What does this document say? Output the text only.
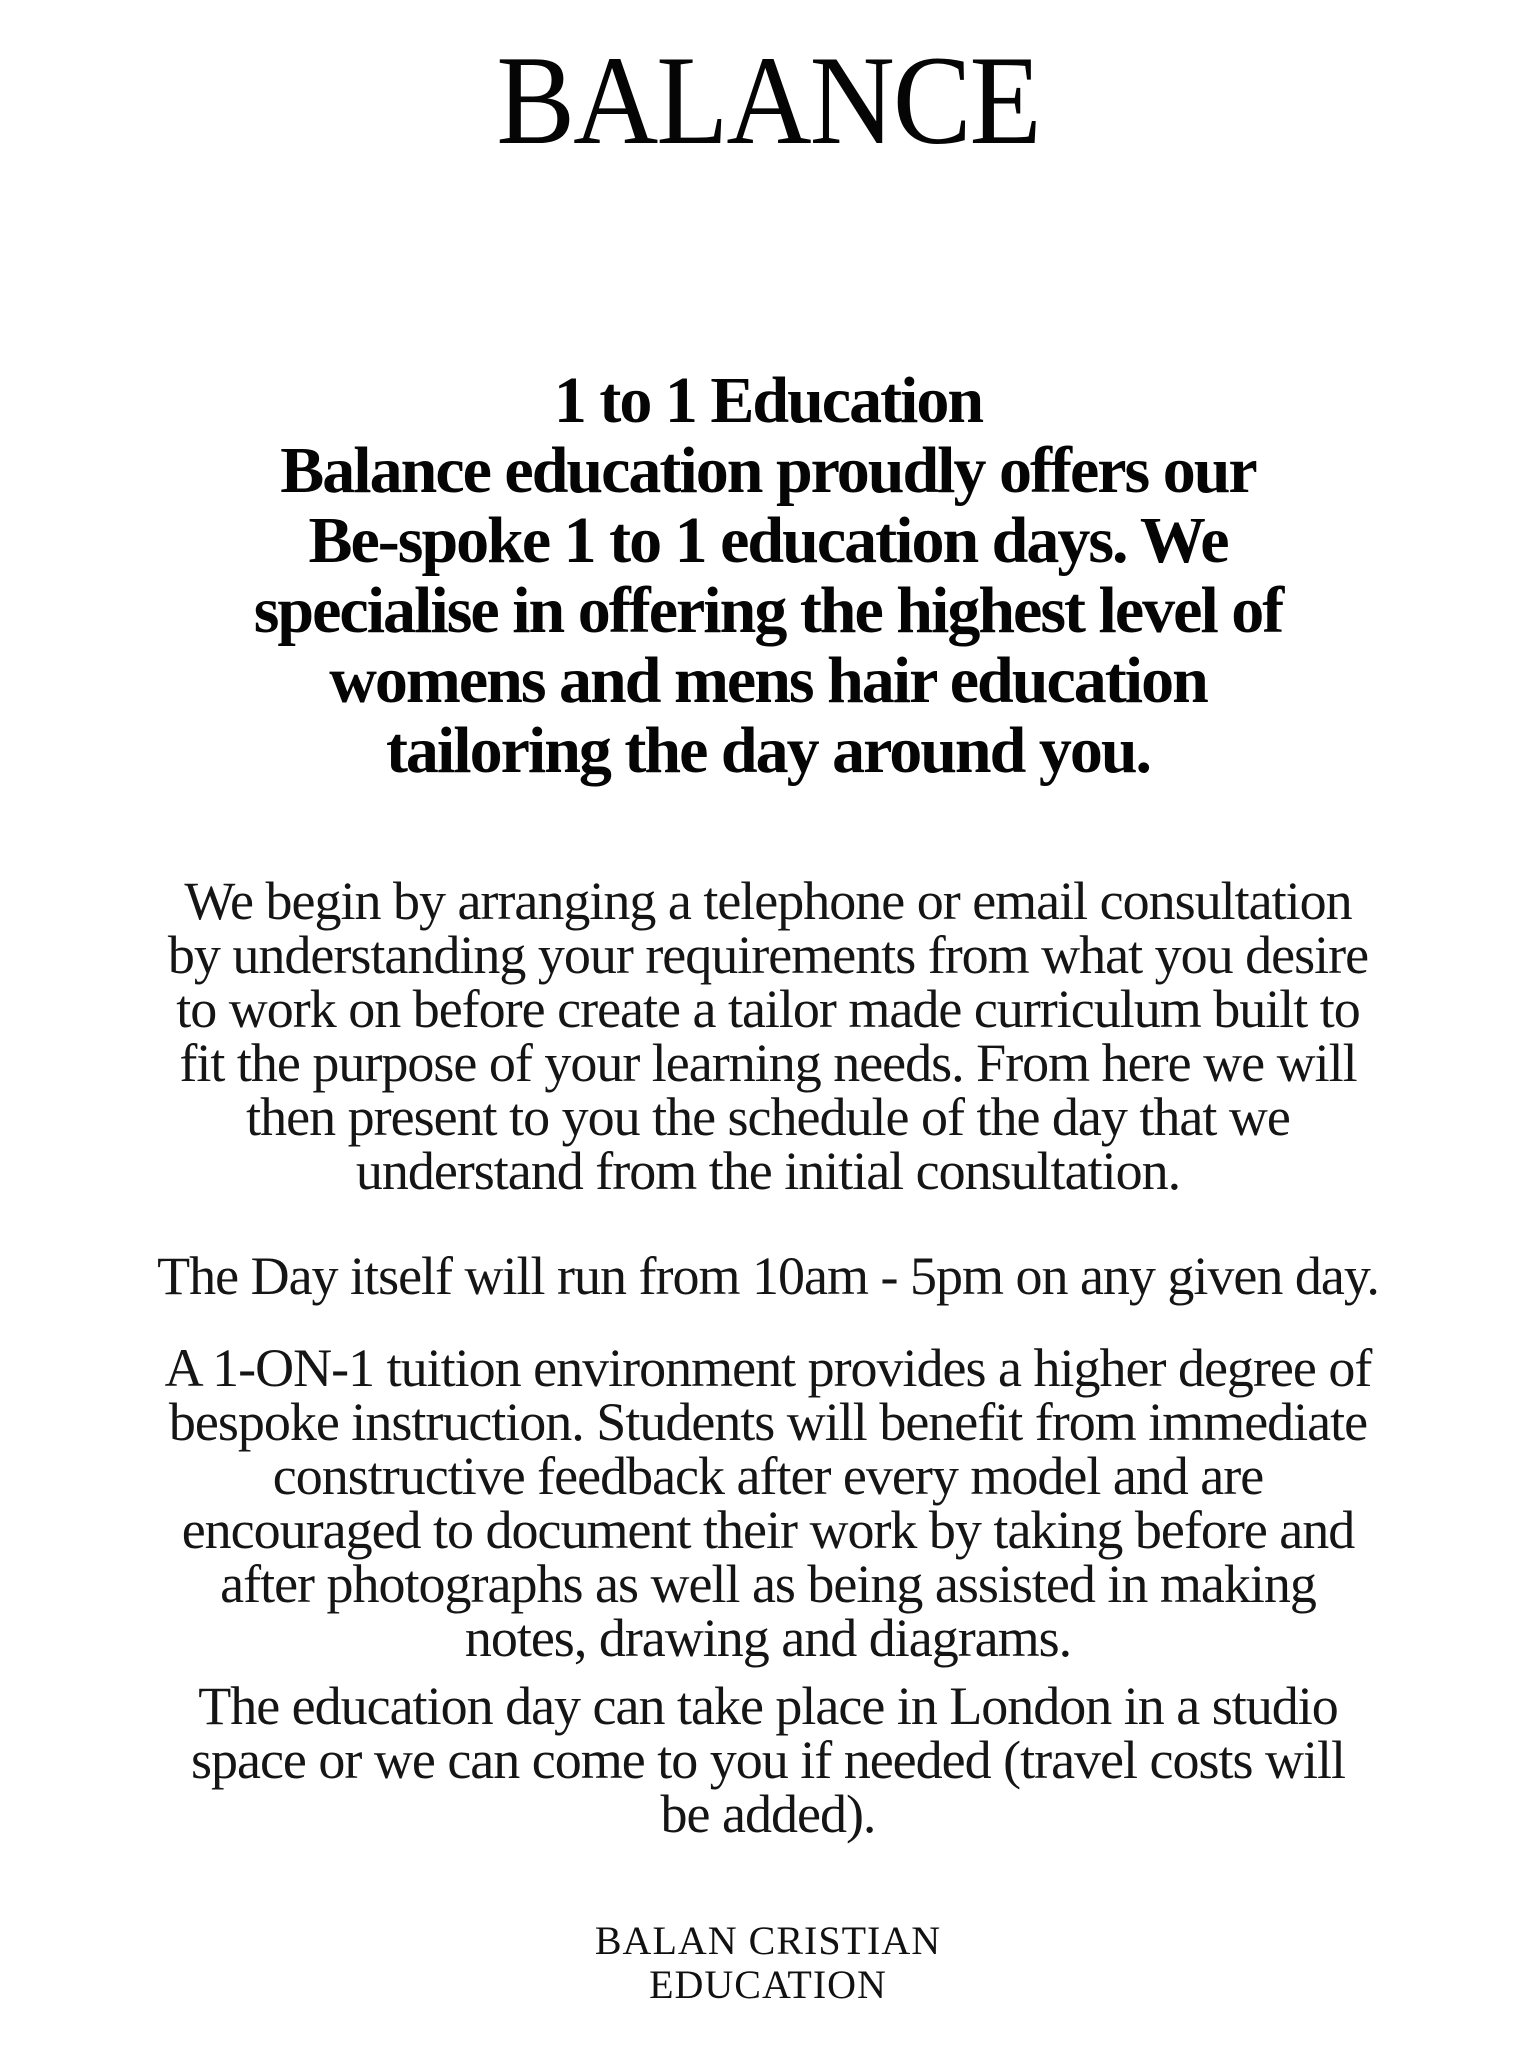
BALANCE
1 to 1 Education
Balance education proudly offers our
Be-spoke 1 to 1 education days. We
specialise in offering the highest level of
womens and mens hair education
tailoring the day around you.
We begin by arranging a telephone or email consultation
by understanding your requirements from what you desire
to work on before create a tailor made curriculum built to
fit the purpose of your learning needs. From here we will
then present to you the schedule of the day that we
understand from the initial consultation.
The Day itself will run from 10am - 5pm on any given day.
A 1-ON-1 tuition environment provides a higher degree of
bespoke instruction. Students will benefit from immediate
constructive feedback after every model and are
encouraged to document their work by taking before and
after photographs as well as being assisted in making
notes, drawing and diagrams.
The education day can take place in London in a studio
space or we can come to you if needed (travel costs will
be added).
BALAN CRISTIAN
EDUCATION
